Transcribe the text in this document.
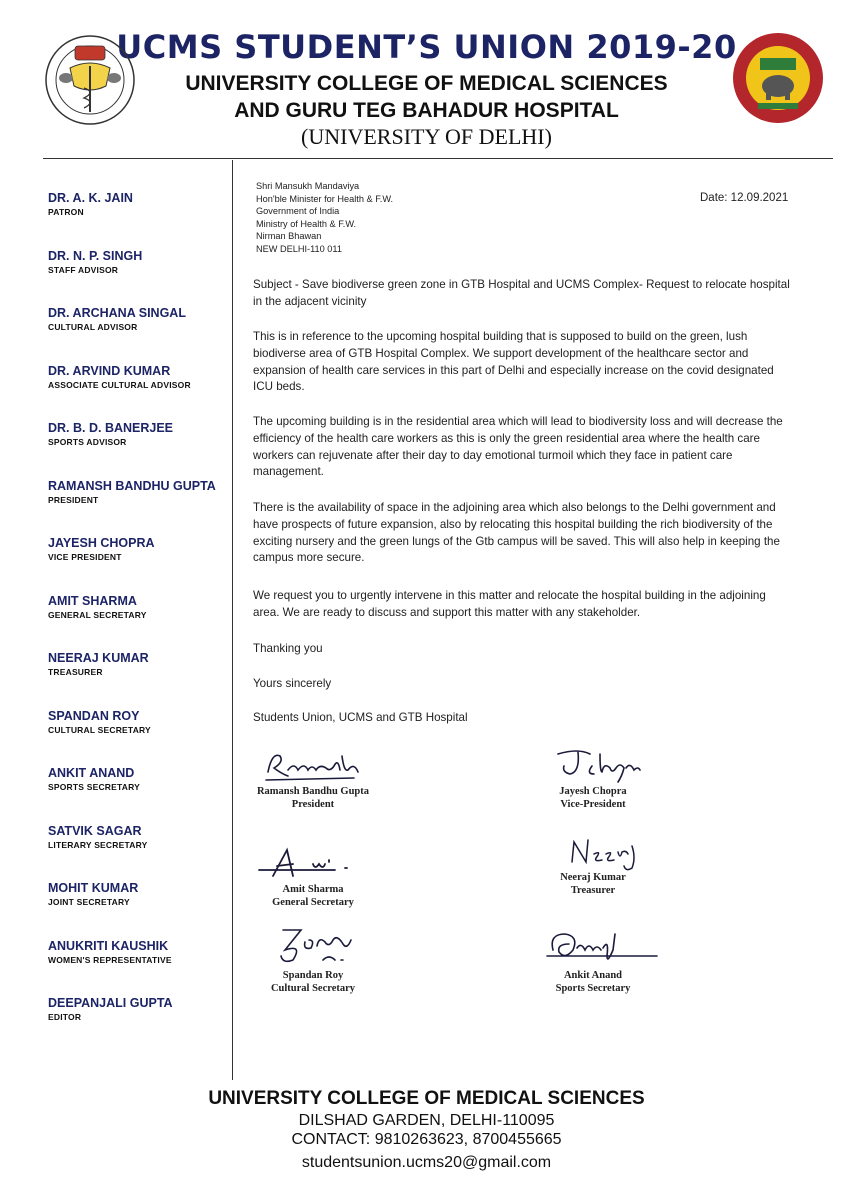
UCMS STUDENT’S UNION 2019-20
UNIVERSITY COLLEGE OF MEDICAL SCIENCES
AND GURU TEG BAHADUR HOSPITAL
(UNIVERSITY OF DELHI)
DR. A. K. JAIN
PATRON
DR. N. P. SINGH
STAFF ADVISOR
DR. ARCHANA SINGAL
CULTURAL ADVISOR
DR. ARVIND KUMAR
ASSOCIATE CULTURAL ADVISOR
DR. B. D. BANERJEE
SPORTS ADVISOR
RAMANSH BANDHU GUPTA
PRESIDENT
JAYESH CHOPRA
VICE PRESIDENT
AMIT SHARMA
GENERAL SECRETARY
NEERAJ KUMAR
TREASURER
SPANDAN ROY
CULTURAL SECRETARY
ANKIT ANAND
SPORTS SECRETARY
SATVIK SAGAR
LITERARY SECRETARY
MOHIT KUMAR
JOINT SECRETARY
ANUKRITI KAUSHIK
WOMEN'S REPRESENTATIVE
DEEPANJALI GUPTA
EDITOR
Shri Mansukh Mandaviya
Hon'ble Minister for Health & F.W.
Government of India
Ministry of Health & F.W.
Nirman Bhawan
NEW DELHI-110 011
Date: 12.09.2021

Subject - Save biodiverse green zone in GTB Hospital and UCMS Complex- Request to relocate hospital in the adjacent vicinity

This is in reference to the upcoming hospital building that is supposed to build on the green, lush biodiverse area of GTB Hospital Complex. We support development of the healthcare sector and expansion of health care services in this part of Delhi and especially increase on the covid designated ICU beds.

The upcoming building is in the residential area which will lead to biodiversity loss and will decrease the efficiency of the health care workers as this is only the green residential area where the health care workers can rejuvenate after their day to day emotional turmoil which they face in patient care management.

There is the availability of space in the adjoining area which also belongs to the Delhi government and have prospects of future expansion, also by relocating this hospital building the rich biodiversity of the exciting nursery and the green lungs of the Gtb campus will be saved. This will also help in keeping the campus more secure.

We request you to urgently intervene in this matter and relocate the hospital building in the adjoining area. We are ready to discuss and support this matter with any stakeholder.

Thanking you

Yours sincerely

Students Union, UCMS and GTB Hospital

Ramansh Bandhu Gupta
President
Jayesh Chopra
Vice-President
Amit Sharma
General Secretary
Neeraj Kumar
Treasurer
Spandan Roy
Cultural Secretary
Ankit Anand
Sports Secretary
UNIVERSITY COLLEGE OF MEDICAL SCIENCES
DILSHAD GARDEN, DELHI-110095
CONTACT: 9810263623, 8700455665
studentsunion.ucms20@gmail.com
